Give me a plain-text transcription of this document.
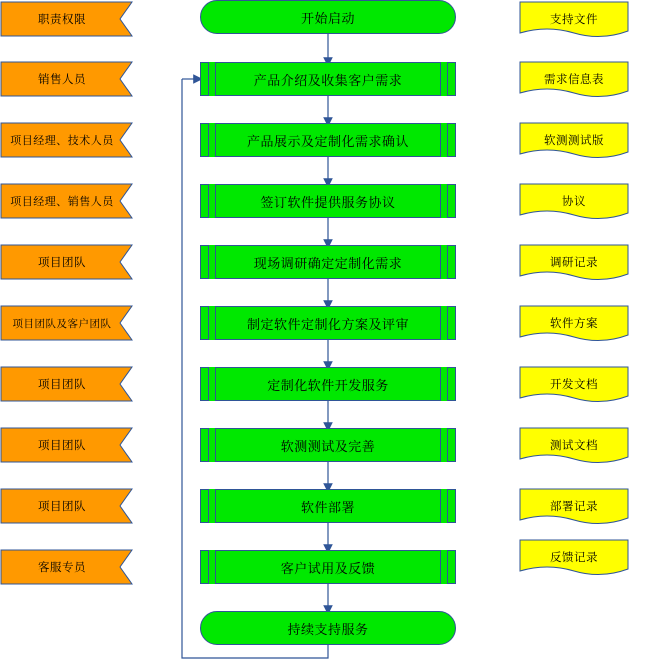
职责权限
销售人员
项目经理、技术人员
项目经理、销售人员
项目团队
项目团队及客户团队
项目团队
项目团队
项目团队
客服专员
开始启动
产品介绍及收集客户需求
产品展示及定制化需求确认
签订软件提供服务协议
现场调研确定定制化需求
制定软件定制化方案及评审
定制化软件开发服务
软测测试及完善
软件部署
客户试用及反馈
持续支持服务
支持文件
需求信息表
软测测试版
协议
调研记录
软件方案
开发文档
测试文档
部署记录
反馈记录
